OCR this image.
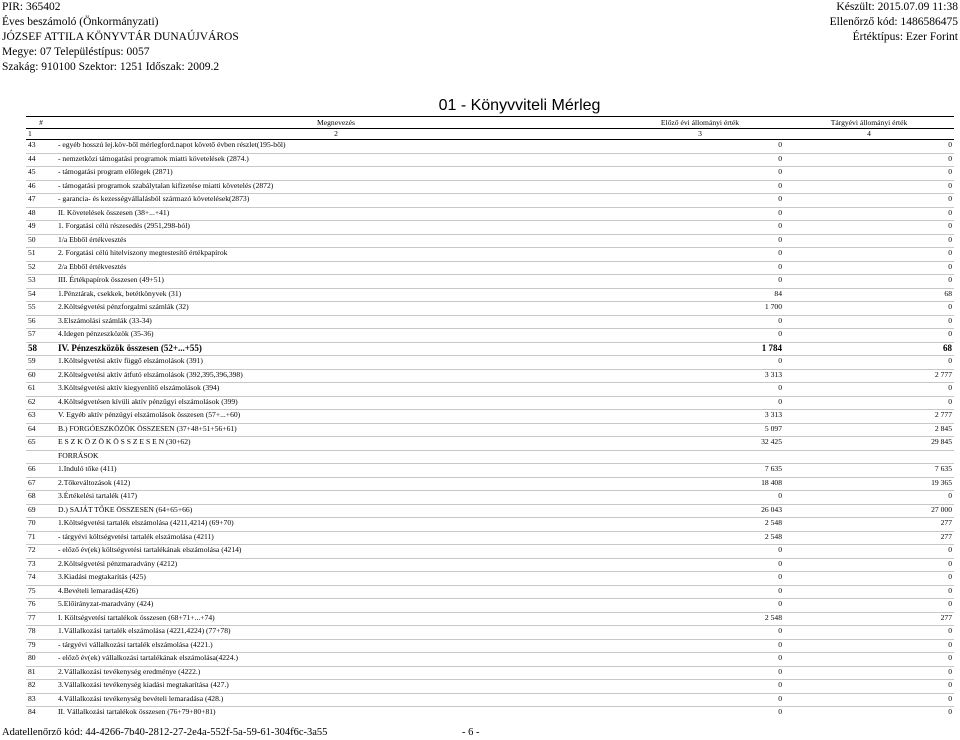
PIR: 365402	Készült: 2015.07.09 11:38
Éves beszámoló (Önkormányzati)	Ellenőrző kód: 1486586475
JÓZSEF ATTILA KÖNYVTÁR DUNAÚJVÁROS	Értéktípus: Ezer Forint
Megye: 07 Településtípus: 0057
Szakág: 910100 Szektor: 1251 Időszak: 2009.2
01 - Könyvviteli Mérleg
#	Megnevezés	Előző évi állományi érték	Tárgyévi állományi érték
1	2	3	4
43	- egyéb hosszú lej.köv-ből mérlegford.napot követő évben részlet(195-ből)	0	0
44	- nemzetközi támogatási programok miatti követelések (2874.)	0	0
45	- támogatási program előlegek (2871)	0	0
46	- támogatási programok szabálytalan kifizetése miatti követelés (2872)	0	0
47	- garancia- és kezességvállalásból származó követelések(2873)	0	0
48	II. Követelések összesen (38+...+41)	0	0
49	1. Forgatási célú részesedés (2951,298-ból)	0	0
50	1/a Ebből értékvesztés	0	0
51	2. Forgatási célú hitelviszony megtestesítő értékpapírok	0	0
52	2/a Ebből értékvesztés	0	0
53	III. Értékpapírok összesen (49+51)	0	0
54	1.Pénztárak, csekkek, betétkönyvek (31)	84	68
55	2.Költségvetési pénzforgalmi számlák (32)	1 700	0
56	3.Elszámolási számlák (33-34)	0	0
57	4.Idegen pénzeszközök (35-36)	0	0
58	IV. Pénzeszközök összesen (52+...+55)	1 784	68
59	1.Költségvetési aktív függő elszámolások (391)	0	0
60	2.Költségvetési aktív átfutó elszámolások (392,395,396,398)	3 313	2 777
61	3.Költségvetési aktív kiegyenlítő elszámolások (394)	0	0
62	4.Költségvetésen kívüli aktív pénzügyi elszámolások (399)	0	0
63	V. Egyéb aktív pénzügyi elszámolások összesen (57+...+60)	3 313	2 777
64	B.) FORGÓESZKÖZÖK ÖSSZESEN (37+48+51+56+61)	5 097	2 845
65	E S Z K Ö Z Ö K Ö S S Z E S E N (30+62)	32 425	29 845
	FORRÁSOK		
66	1.Induló tőke (411)	7 635	7 635
67	2.Tőkeváltozások (412)	18 408	19 365
68	3.Értékelési tartalék (417)	0	0
69	D.) SAJÁT TŐKE ÖSSZESEN (64+65+66)	26 043	27 000
70	1.Költségvetési tartalék elszámolása (4211,4214) (69+70)	2 548	277
71	- tárgyévi költségvetési tartalék elszámolása (4211)	2 548	277
72	- előző év(ek) költségvetési tartalékának elszámolása (4214)	0	0
73	2.Költségvetési pénzmaradvány (4212)	0	0
74	3.Kiadási megtakarítás (425)	0	0
75	4.Bevételi lemaradás(426)	0	0
76	5.Előirányzat-maradvány (424)	0	0
77	I. Költségvetési tartalékok összesen (68+71+...+74)	2 548	277
78	1.Vállalkozási tartalék elszámolása (4221,4224) (77+78)	0	0
79	- tárgyévi vállalkozási tartalék elszámolása (4221.)	0	0
80	- előző év(ek) vállalkozási tartalékának elszámolása(4224.)	0	0
81	2.Vállalkozási tevékenység eredménye (4222.)	0	0
82	3.Vállalkozási tevékenység kiadási megtakarítása (427.)	0	0
83	4.Vállalkozási tevékenység bevételi lemaradása (428.)	0	0
84	II. Vállalkozási tartalékok összesen (76+79+80+81)	0	0
Adatellenőrző kód: 44-4266-7b40-2812-27-2e4a-552f-5a-59-61-304f6c-3a55	- 6 -
